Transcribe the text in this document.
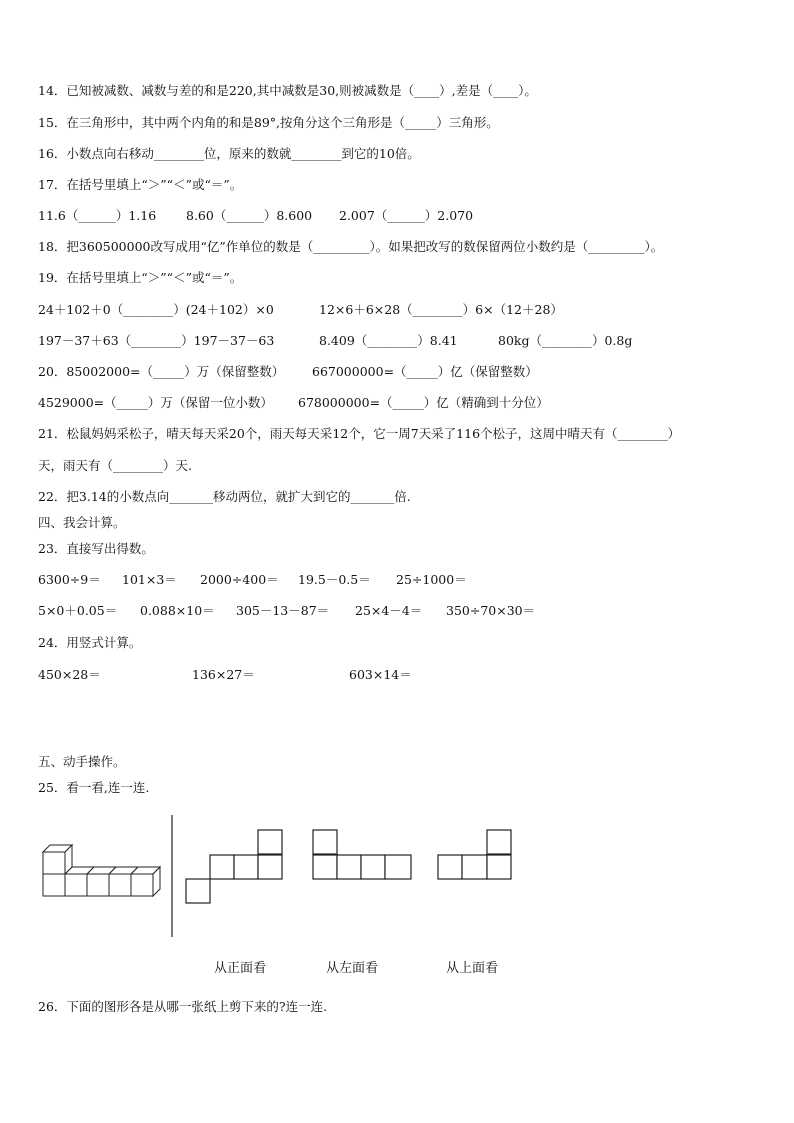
14．已知被减数、减数与差的和是220,其中减数是30,则被减数是（____）,差是（____）。
15．在三角形中，其中两个内角的和是89°,按角分这个三角形是（_____）三角形。
16．小数点向右移动________位，原来的数就________到它的10倍。
17．在括号里填上“＞”“＜”或“＝”。
11.6（______）1.16 8.60（______）8.600 2.007（______）2.070
18．把360500000改写成用“亿”作单位的数是（_________）。如果把改写的数保留两位小数约是（_________）。
19．在括号里填上“＞”“＜”或“＝”。
24＋102＋0（________）(24＋102）×0	12×6＋6×28（________）6×（12＋28）
197－37＋63（________）197－37－63	8.409（________）8.41	80kg（________）0.8g
20．85002000=（_____）万（保留整数） 667000000=（_____）亿（保留整数）
4529000=（_____）万（保留一位小数） 678000000=（_____）亿（精确到十分位）
21．松鼠妈妈采松子，晴天每天采20个，雨天每天采12个，它一周7天采了116个松子，这周中晴天有（________）
天，雨天有（________）天.
22．把3.14的小数点向_______移动两位，就扩大到它的_______倍.
四、我会计算。
23．直接写出得数。
6300÷9＝ 101×3＝ 2000÷400＝ 19.5－0.5＝ 25÷1000＝
5×0＋0.05＝ 0.088×10＝ 305－13－87＝ 25×4－4＝ 350÷70×30＝
24．用竖式计算。
450×28＝	136×27＝	603×14＝
五、动手操作。
25．看一看,连一连.
从正面看	从左面看	从上面看
26．下面的图形各是从哪一张纸上剪下来的?连一连.
